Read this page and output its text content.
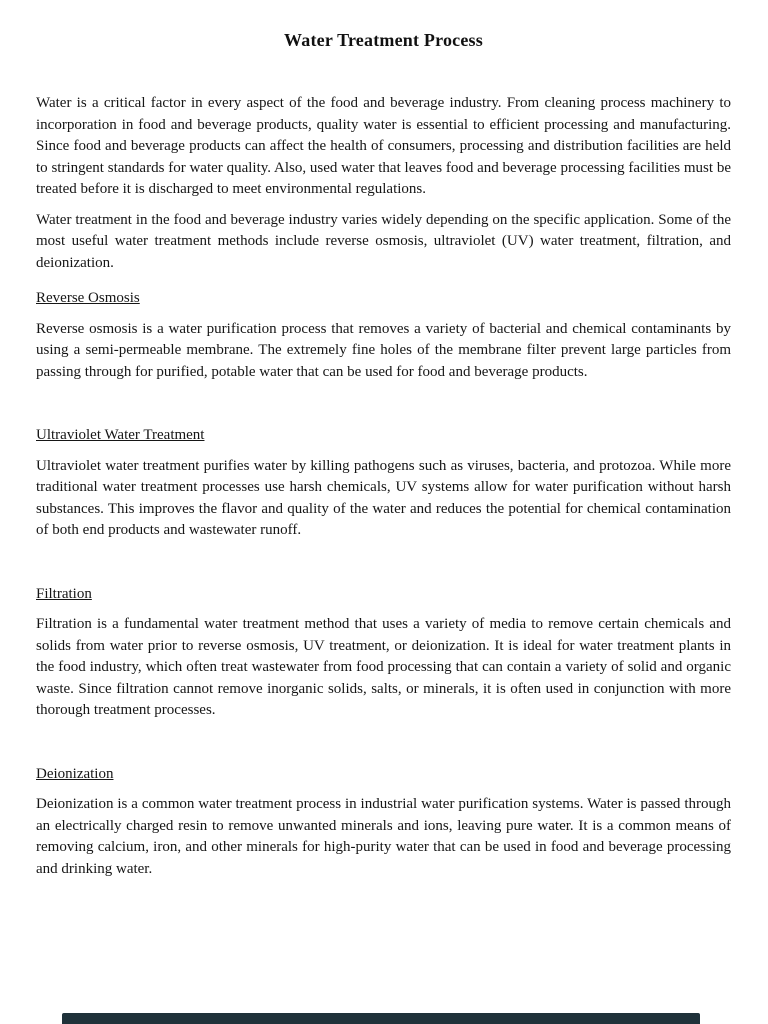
Water Treatment Process

Water is a critical factor in every aspect of the food and beverage industry. From cleaning process machinery to incorporation in food and beverage products, quality water is essential to efficient processing and manufacturing. Since food and beverage products can affect the health of consumers, processing and distribution facilities are held to stringent standards for water quality. Also, used water that leaves food and beverage processing facilities must be treated before it is discharged to meet environmental regulations.

Water treatment in the food and beverage industry varies widely depending on the specific application. Some of the most useful water treatment methods include reverse osmosis, ultraviolet (UV) water treatment, filtration, and deionization.

Reverse Osmosis

Reverse osmosis is a water purification process that removes a variety of bacterial and chemical contaminants by using a semi-permeable membrane. The extremely fine holes of the membrane filter prevent large particles from passing through for purified, potable water that can be used for food and beverage products.

Ultraviolet Water Treatment

Ultraviolet water treatment purifies water by killing pathogens such as viruses, bacteria, and protozoa. While more traditional water treatment processes use harsh chemicals, UV systems allow for water purification without harsh substances. This improves the flavor and quality of the water and reduces the potential for chemical contamination of both end products and wastewater runoff.

Filtration

Filtration is a fundamental water treatment method that uses a variety of media to remove certain chemicals and solids from water prior to reverse osmosis, UV treatment, or deionization. It is ideal for water treatment plants in the food industry, which often treat wastewater from food processing that can contain a variety of solid and organic waste. Since filtration cannot remove inorganic solids, salts, or minerals, it is often used in conjunction with more thorough treatment processes.

Deionization

Deionization is a common water treatment process in industrial water purification systems. Water is passed through an electrically charged resin to remove unwanted minerals and ions, leaving pure water. It is a common means of removing calcium, iron, and other minerals for high-purity water that can be used in food and beverage processing and drinking water.
